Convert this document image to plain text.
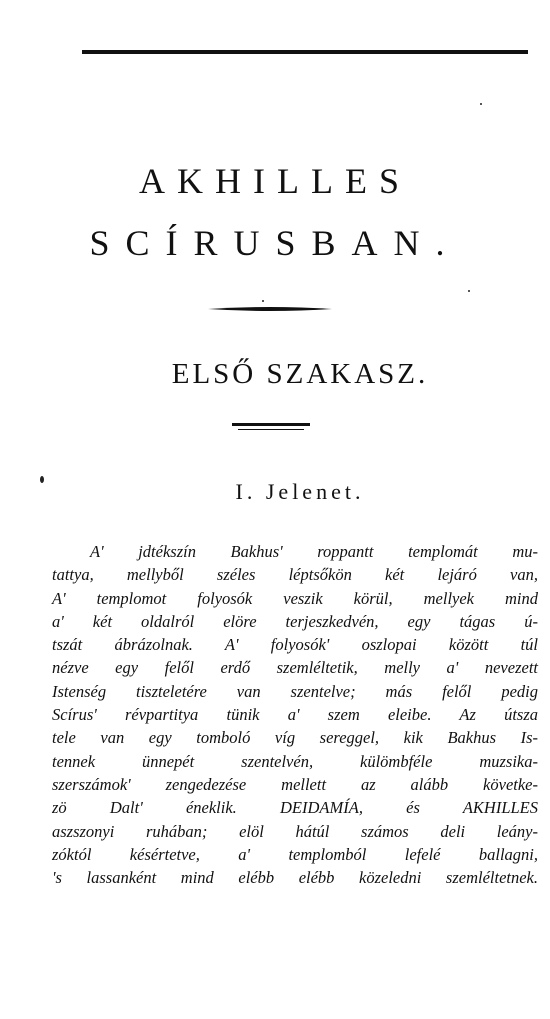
AKHILLES
SCÍRUSBAN.
ELSŐ SZAKASZ.
I. Jelenet.
A' jdtékszín Bakhus' roppantt templomát mu-
tattya, mellyből széles léptsőkön két lejáró van,
A' templomot folyosók veszik körül, mellyek mind
a' két oldalról elöre terjeszkedvén, egy tágas ú-
tszát ábrázolnak. A' folyosók' oszlopai között túl
nézve egy felől erdő szemléltetik, melly a' nevezett
Istenség tiszteletére van szentelve; más felől pedig
Scírus' révpartitya tünik a' szem eleibe. Az útsza
tele van egy tomboló víg sereggel, kik Bakhus Is-
tennek ünnepét szentelvén, külömbféle muzsika-
szerszámok' zengedezése mellett az alább követke-
zö Dalt' éneklik. DEIDAMÍA, és AKHILLES
aszszonyi ruhában; elöl hátúl számos deli leány-
zóktól késértetve, a' templomból lefelé ballagni,
's lassanként mind elébb elébb közeledni szemléltetnek.
